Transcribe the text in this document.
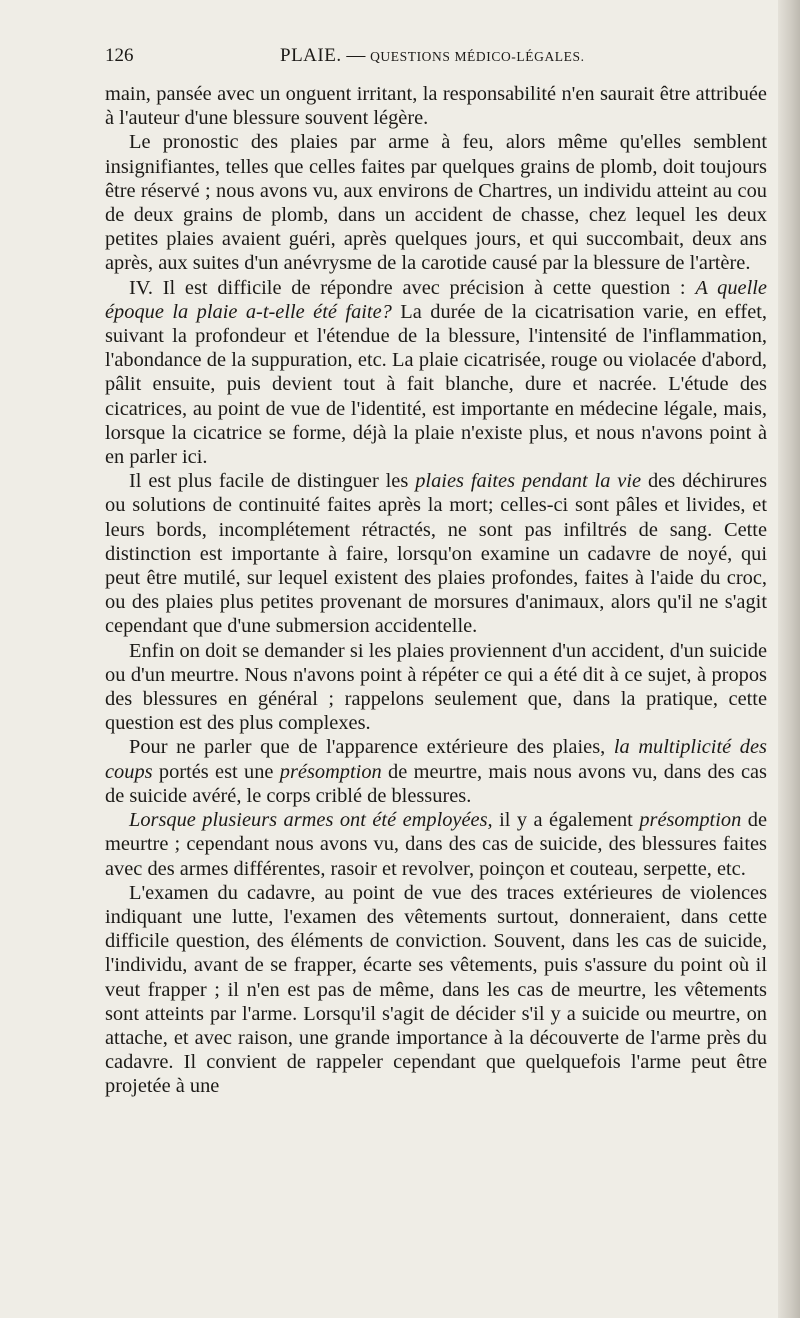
126	PLAIE. — QUESTIONS MÉDICO-LÉGALES.

main, pansée avec un onguent irritant, la responsabilité n'en saurait être attribuée à l'auteur d'une blessure souvent légère.

Le pronostic des plaies par arme à feu, alors même qu'elles semblent insignifiantes, telles que celles faites par quelques grains de plomb, doit toujours être réservé ; nous avons vu, aux environs de Chartres, un individu atteint au cou de deux grains de plomb, dans un accident de chasse, chez lequel les deux petites plaies avaient guéri, après quelques jours, et qui succombait, deux ans après, aux suites d'un anévrysme de la carotide causé par la blessure de l'artère.

IV. Il est difficile de répondre avec précision à cette question : A quelle époque la plaie a-t-elle été faite? La durée de la cicatrisation varie, en effet, suivant la profondeur et l'étendue de la blessure, l'intensité de l'inflammation, l'abondance de la suppuration, etc. La plaie cicatrisée, rouge ou violacée d'abord, pâlit ensuite, puis devient tout à fait blanche, dure et nacrée. L'étude des cicatrices, au point de vue de l'identité, est importante en médecine légale, mais, lorsque la cicatrice se forme, déjà la plaie n'existe plus, et nous n'avons point à en parler ici.

Il est plus facile de distinguer les plaies faites pendant la vie des déchirures ou solutions de continuité faites après la mort; celles-ci sont pâles et livides, et leurs bords, incomplétement rétractés, ne sont pas infiltrés de sang. Cette distinction est importante à faire, lorsqu'on examine un cadavre de noyé, qui peut être mutilé, sur lequel existent des plaies profondes, faites à l'aide du croc, ou des plaies plus petites provenant de morsures d'animaux, alors qu'il ne s'agit cependant que d'une submersion accidentelle.

Enfin on doit se demander si les plaies proviennent d'un accident, d'un suicide ou d'un meurtre. Nous n'avons point à répéter ce qui a été dit à ce sujet, à propos des blessures en général ; rappelons seulement que, dans la pratique, cette question est des plus complexes.

Pour ne parler que de l'apparence extérieure des plaies, la multiplicité des coups portés est une présomption de meurtre, mais nous avons vu, dans des cas de suicide avéré, le corps criblé de blessures.

Lorsque plusieurs armes ont été employées, il y a également présomption de meurtre ; cependant nous avons vu, dans des cas de suicide, des blessures faites avec des armes différentes, rasoir et revolver, poinçon et couteau, serpette, etc.

L'examen du cadavre, au point de vue des traces extérieures de violences indiquant une lutte, l'examen des vêtements surtout, donneraient, dans cette difficile question, des éléments de conviction. Souvent, dans les cas de suicide, l'individu, avant de se frapper, écarte ses vêtements, puis s'assure du point où il veut frapper ; il n'en est pas de même, dans les cas de meurtre, les vêtements sont atteints par l'arme. Lorsqu'il s'agit de décider s'il y a suicide ou meurtre, on attache, et avec raison, une grande importance à la découverte de l'arme près du cadavre. Il convient de rappeler cependant que quelquefois l'arme peut être projetée à une
